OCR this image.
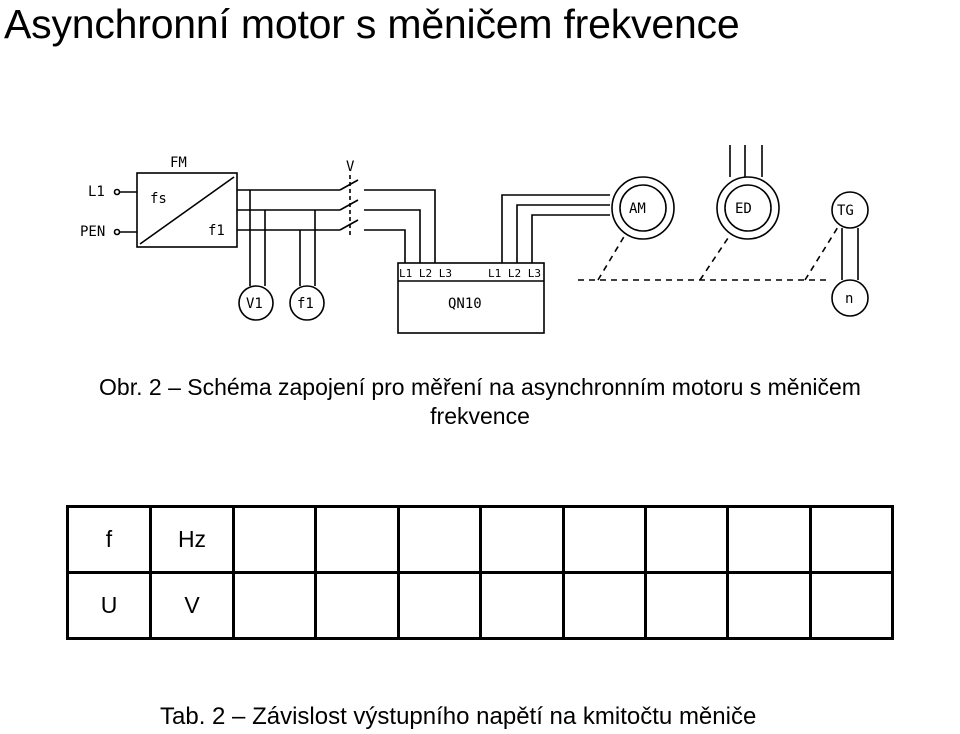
Asynchronní motor s měničem frekvence
L1
PEN
FM
fs
f1
V
V1 f1
L1 L2 L3	L1 L2 L3
QN10
AM	ED	TG
n
Obr. 2 – Schéma zapojení pro měření na asynchronním motoru s měničem
frekvence
f	Hz								
U	V								
Tab. 2 – Závislost výstupního napětí na kmitočtu měniče
